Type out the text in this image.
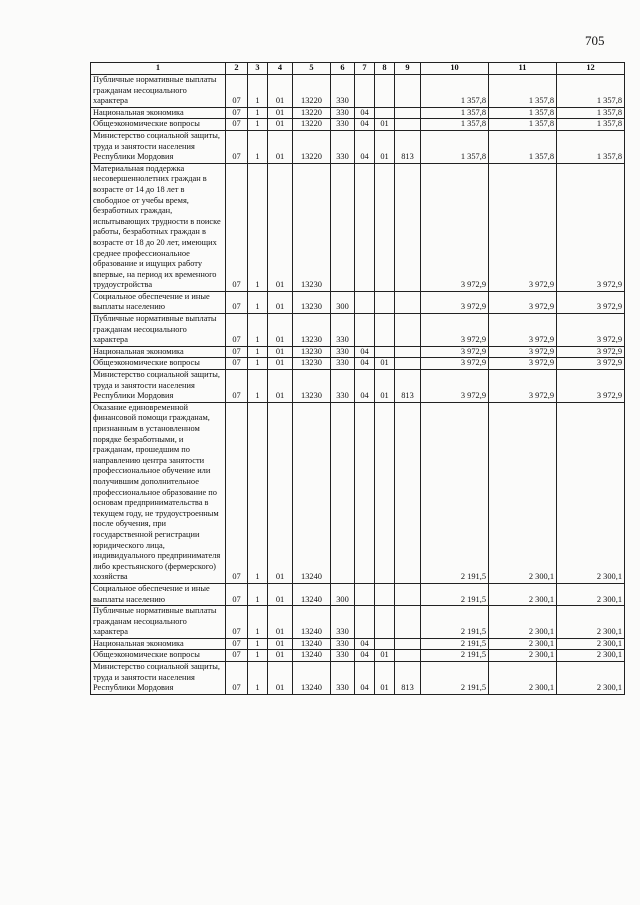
705
1	2	3	4	5	6	7	8	9	10	11	12
Публичные нормативные выплаты гражданам несоциального характера	07	1	01	13220	330				1 357,8	1 357,8	1 357,8
Национальная экономика	07	1	01	13220	330	04			1 357,8	1 357,8	1 357,8
Общеэкономические вопросы	07	1	01	13220	330	04	01		1 357,8	1 357,8	1 357,8
Министерство социальной защиты, труда и занятости населения Республики Мордовия	07	1	01	13220	330	04	01	813	1 357,8	1 357,8	1 357,8
Материальная поддержка несовершеннолетних граждан в возрасте от 14 до 18 лет в свободное от учебы время, безработных граждан, испытывающих трудности в поиске работы, безработных граждан в возрасте от 18 до 20 лет, имеющих среднее профессиональное образование и ищущих работу впервые, на период их временного трудоустройства	07	1	01	13230					3 972,9	3 972,9	3 972,9
Социальное обеспечение и иные выплаты населению	07	1	01	13230	300				3 972,9	3 972,9	3 972,9
Публичные нормативные выплаты гражданам несоциального характера	07	1	01	13230	330				3 972,9	3 972,9	3 972,9
Национальная экономика	07	1	01	13230	330	04			3 972,9	3 972,9	3 972,9
Общеэкономические вопросы	07	1	01	13230	330	04	01		3 972,9	3 972,9	3 972,9
Министерство социальной защиты, труда и занятости населения Республики Мордовия	07	1	01	13230	330	04	01	813	3 972,9	3 972,9	3 972,9
Оказание единовременной финансовой помощи гражданам, признанным в установленном порядке безработными, и гражданам, прошедшим по направлению центра занятости профессиональное обучение или получившим дополнительное профессиональное образование по основам предпринимательства в текущем году, не трудоустроенным после обучения, при государственной регистрации юридического лица, индивидуального предпринимателя либо крестьянского (фермерского) хозяйства	07	1	01	13240					2 191,5	2 300,1	2 300,1
Социальное обеспечение и иные выплаты населению	07	1	01	13240	300				2 191,5	2 300,1	2 300,1
Публичные нормативные выплаты гражданам несоциального характера	07	1	01	13240	330				2 191,5	2 300,1	2 300,1
Национальная экономика	07	1	01	13240	330	04			2 191,5	2 300,1	2 300,1
Общеэкономические вопросы	07	1	01	13240	330	04	01		2 191,5	2 300,1	2 300,1
Министерство социальной защиты, труда и занятости населения Республики Мордовия	07	1	01	13240	330	04	01	813	2 191,5	2 300,1	2 300,1
